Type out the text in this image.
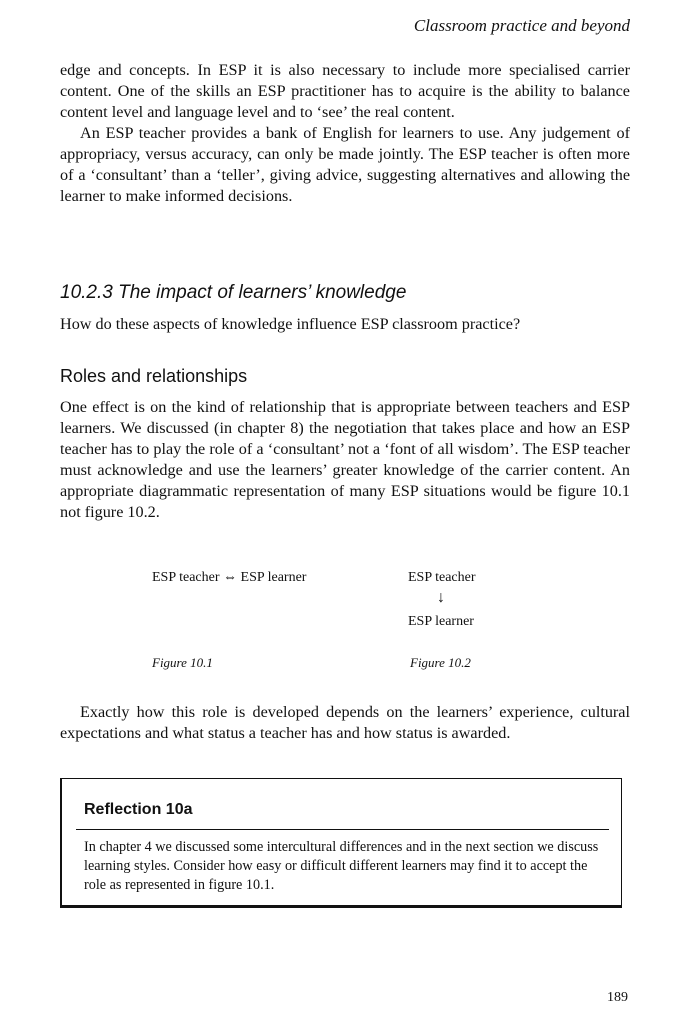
Classroom practice and beyond

edge and concepts. In ESP it is also necessary to include more specialised carrier content. One of the skills an ESP practitioner has to acquire is the ability to balance content level and language level and to ‘see’ the real content.

An ESP teacher provides a bank of English for learners to use. Any judgement of appropriacy, versus accuracy, can only be made jointly. The ESP teacher is often more of a ‘consultant’ than a ‘teller’, giving advice, suggesting alternatives and allowing the learner to make informed decisions.

10.2.3 The impact of learners’ knowledge

How do these aspects of knowledge influence ESP classroom practice?

Roles and relationships

One effect is on the kind of relationship that is appropriate between teachers and ESP learners. We discussed (in chapter 8) the negotiation that takes place and how an ESP teacher has to play the role of a ‘consultant’ not a ‘font of all wisdom’. The ESP teacher must acknowledge and use the learners’ greater knowledge of the carrier content. An appropriate diagrammatic representation of many ESP situations would be figure 10.1 not figure 10.2.

ESP teacher ⇔ ESP learner
Figure 10.1
ESP teacher
↓
ESP learner
Figure 10.2

Exactly how this role is developed depends on the learners’ experience, cultural expectations and what status a teacher has and how status is awarded.

Reflection 10a

In chapter 4 we discussed some intercultural differences and in the next section we discuss learning styles. Consider how easy or difficult different learners may find it to accept the role as represented in figure 10.1.

189
